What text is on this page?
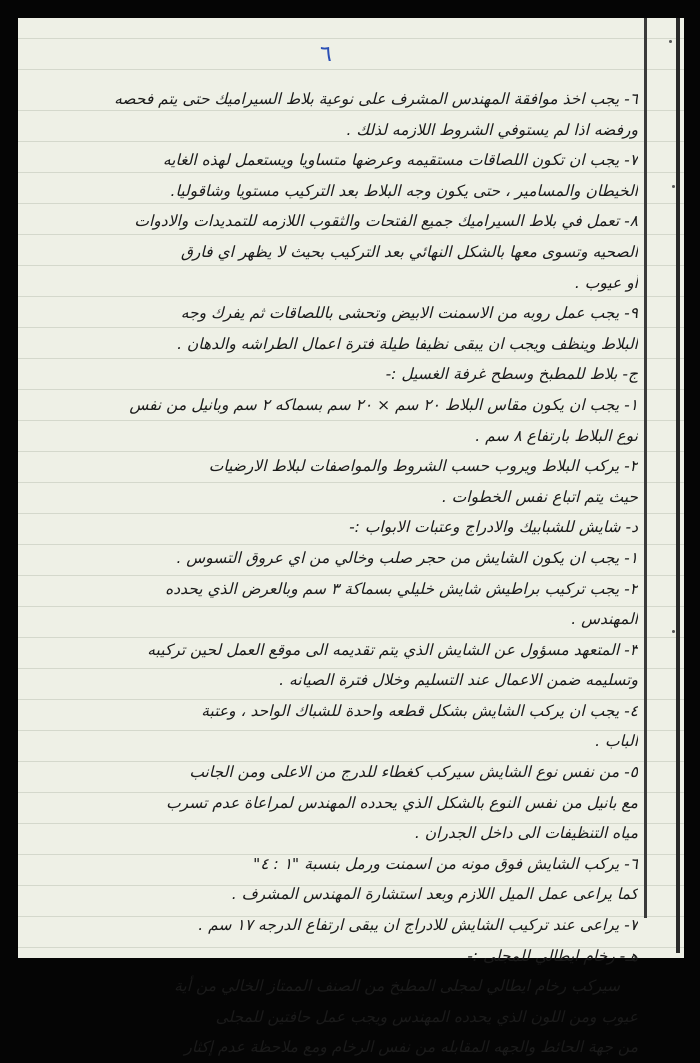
٦
٦- يجب اخذ موافقة المهندس المشرف على نوعية بلاط السيراميك حتى يتم فحصه
ورفضه اذا لم يستوفي الشروط اللازمه لذلك .
٧- يجب ان تكون اللصاقات مستقيمه وعرضها متساويا ويستعمل لهذه الغايه
الخيطان والمسامير ، حتى يكون وجه البلاط بعد التركيب مستويا وشاقوليا.
٨- تعمل في بلاط السيراميك جميع الفتحات والثقوب اللازمه للتمديدات والادوات
الصحيه وتسوى معها بالشكل النهائي بعد التركيب بحيث لا يظهر اي فارق
أو عيوب .
٩- يجب عمل روبه من الاسمنت الابيض وتحشى باللصاقات ثم يفرك وجه
البلاط وينظف ويجب ان يبقى نظيفا طيلة فترة اعمال الطراشه والدهان .
ج- بلاط للمطبخ وسطح غرفة الغسيل :-
١- يجب ان يكون مقاس البلاط ٢٠ سم × ٢٠ سم بسماكه ٢ سم وبانيل من نفس
نوع البلاط بارتفاع ٨ سم .
٢- يركب البلاط ويروب حسب الشروط والمواصفات لبلاط الارضيات
حيث يتم اتباع نفس الخطوات .
د- شايش للشبابيك والادراج وعتبات الابواب :-
١- يجب ان يكون الشايش من حجر صلب وخالي من اي عروق التسوس .
٢- يجب تركيب براطيش شايش خليلي بسماكة ٣ سم وبالعرض الذي يحدده
المهندس .
٣- المتعهد مسؤول عن الشايش الذي يتم تقديمه الى موقع العمل لحين تركيبه
وتسليمه ضمن الاعمال عند التسليم وخلال فترة الصيانه .
٤- يجب ان يركب الشايش بشكل قطعه واحدة للشباك الواحد ، وعتبة
الباب .
٥- من نفس نوع الشايش سيركب كغطاء للدرج من الاعلى ومن الجانب
مع بانيل من نفس النوع بالشكل الذي يحدده المهندس لمراعاة عدم تسرب
مياه التنظيفات الى داخل الجدران .
٦- يركب الشايش فوق مونه من اسمنت ورمل بنسبة "١ : ٤"
كما يراعى عمل الميل اللازم وبعد استشارة المهندس المشرف .
٧- يراعى عند تركيب الشايش للادراج ان يبقى ارتفاع الدرجه ١٧ سم .
هـ- رخام ايطالي للمجلى :-
سيركب رخام ايطالي لمجلى المطبخ من الصنف الممتاز الخالي من أية
عيوب ومن اللون الذي يحدده المهندس ويجب عمل حافتين للمجلى
من جهة الحائط والجهه المقابله من نفس الرخام ومع ملاحظة عدم إكثار
